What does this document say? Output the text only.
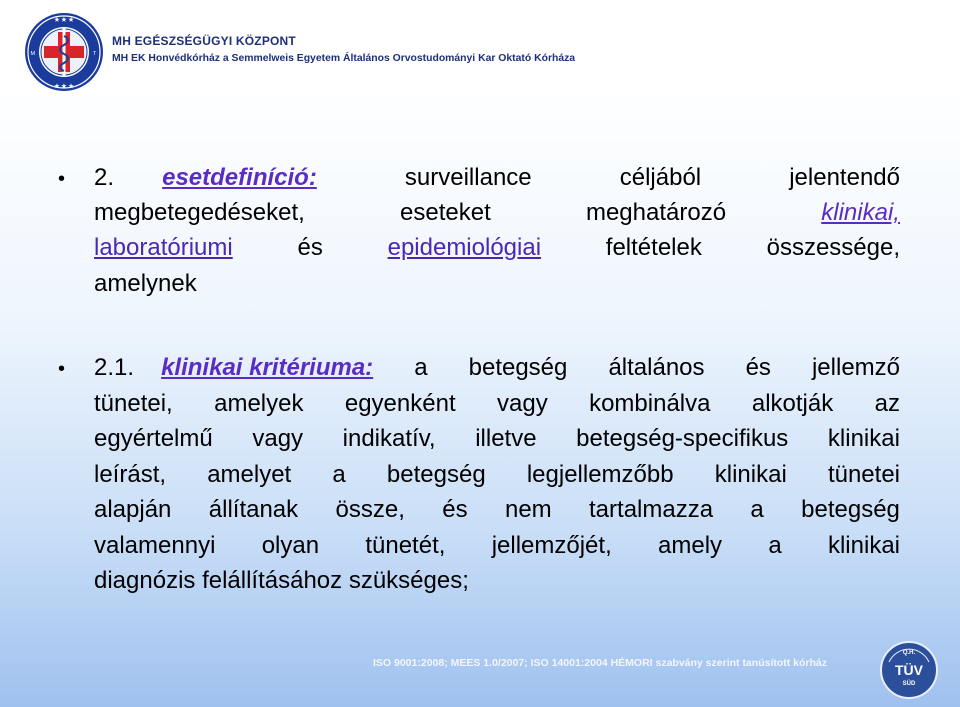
★ ★ ★
★ ★ ★
M	T
MH EGÉSZSÉGÜGYI KÖZPONT
MH EK Honvédkórház a Semmelweis Egyetem Általános Orvostudományi Kar Oktató Kórháza
• 2. esetdefiníció:	surveillance	céljából	jelentendő
megbetegedéseket,	eseteket	meghatározó	klinikai,
laboratóriumi	és	epidemiológiai	feltételek	összessége,
amelynek
• 2.1. klinikai kritériuma: a betegség általános és jellemző
tünetei, amelyek egyenként vagy kombinálva alkotják az
egyértelmű vagy indikatív, illetve betegség-specifikus klinikai
leírást, amelyet a betegség legjellemzőbb klinikai tünetei
alapján állítanak össze, és nem tartalmazza a betegség
valamennyi olyan tünetét, jellemzőjét, amely a klinikai
diagnózis felállításához szükséges;
ISO 9001:2008; MEES 1.0/2007; ISO 14001:2004 HÉMORI szabvány szerint tanúsított kórház
Q.H.
TÜV
SÜD
